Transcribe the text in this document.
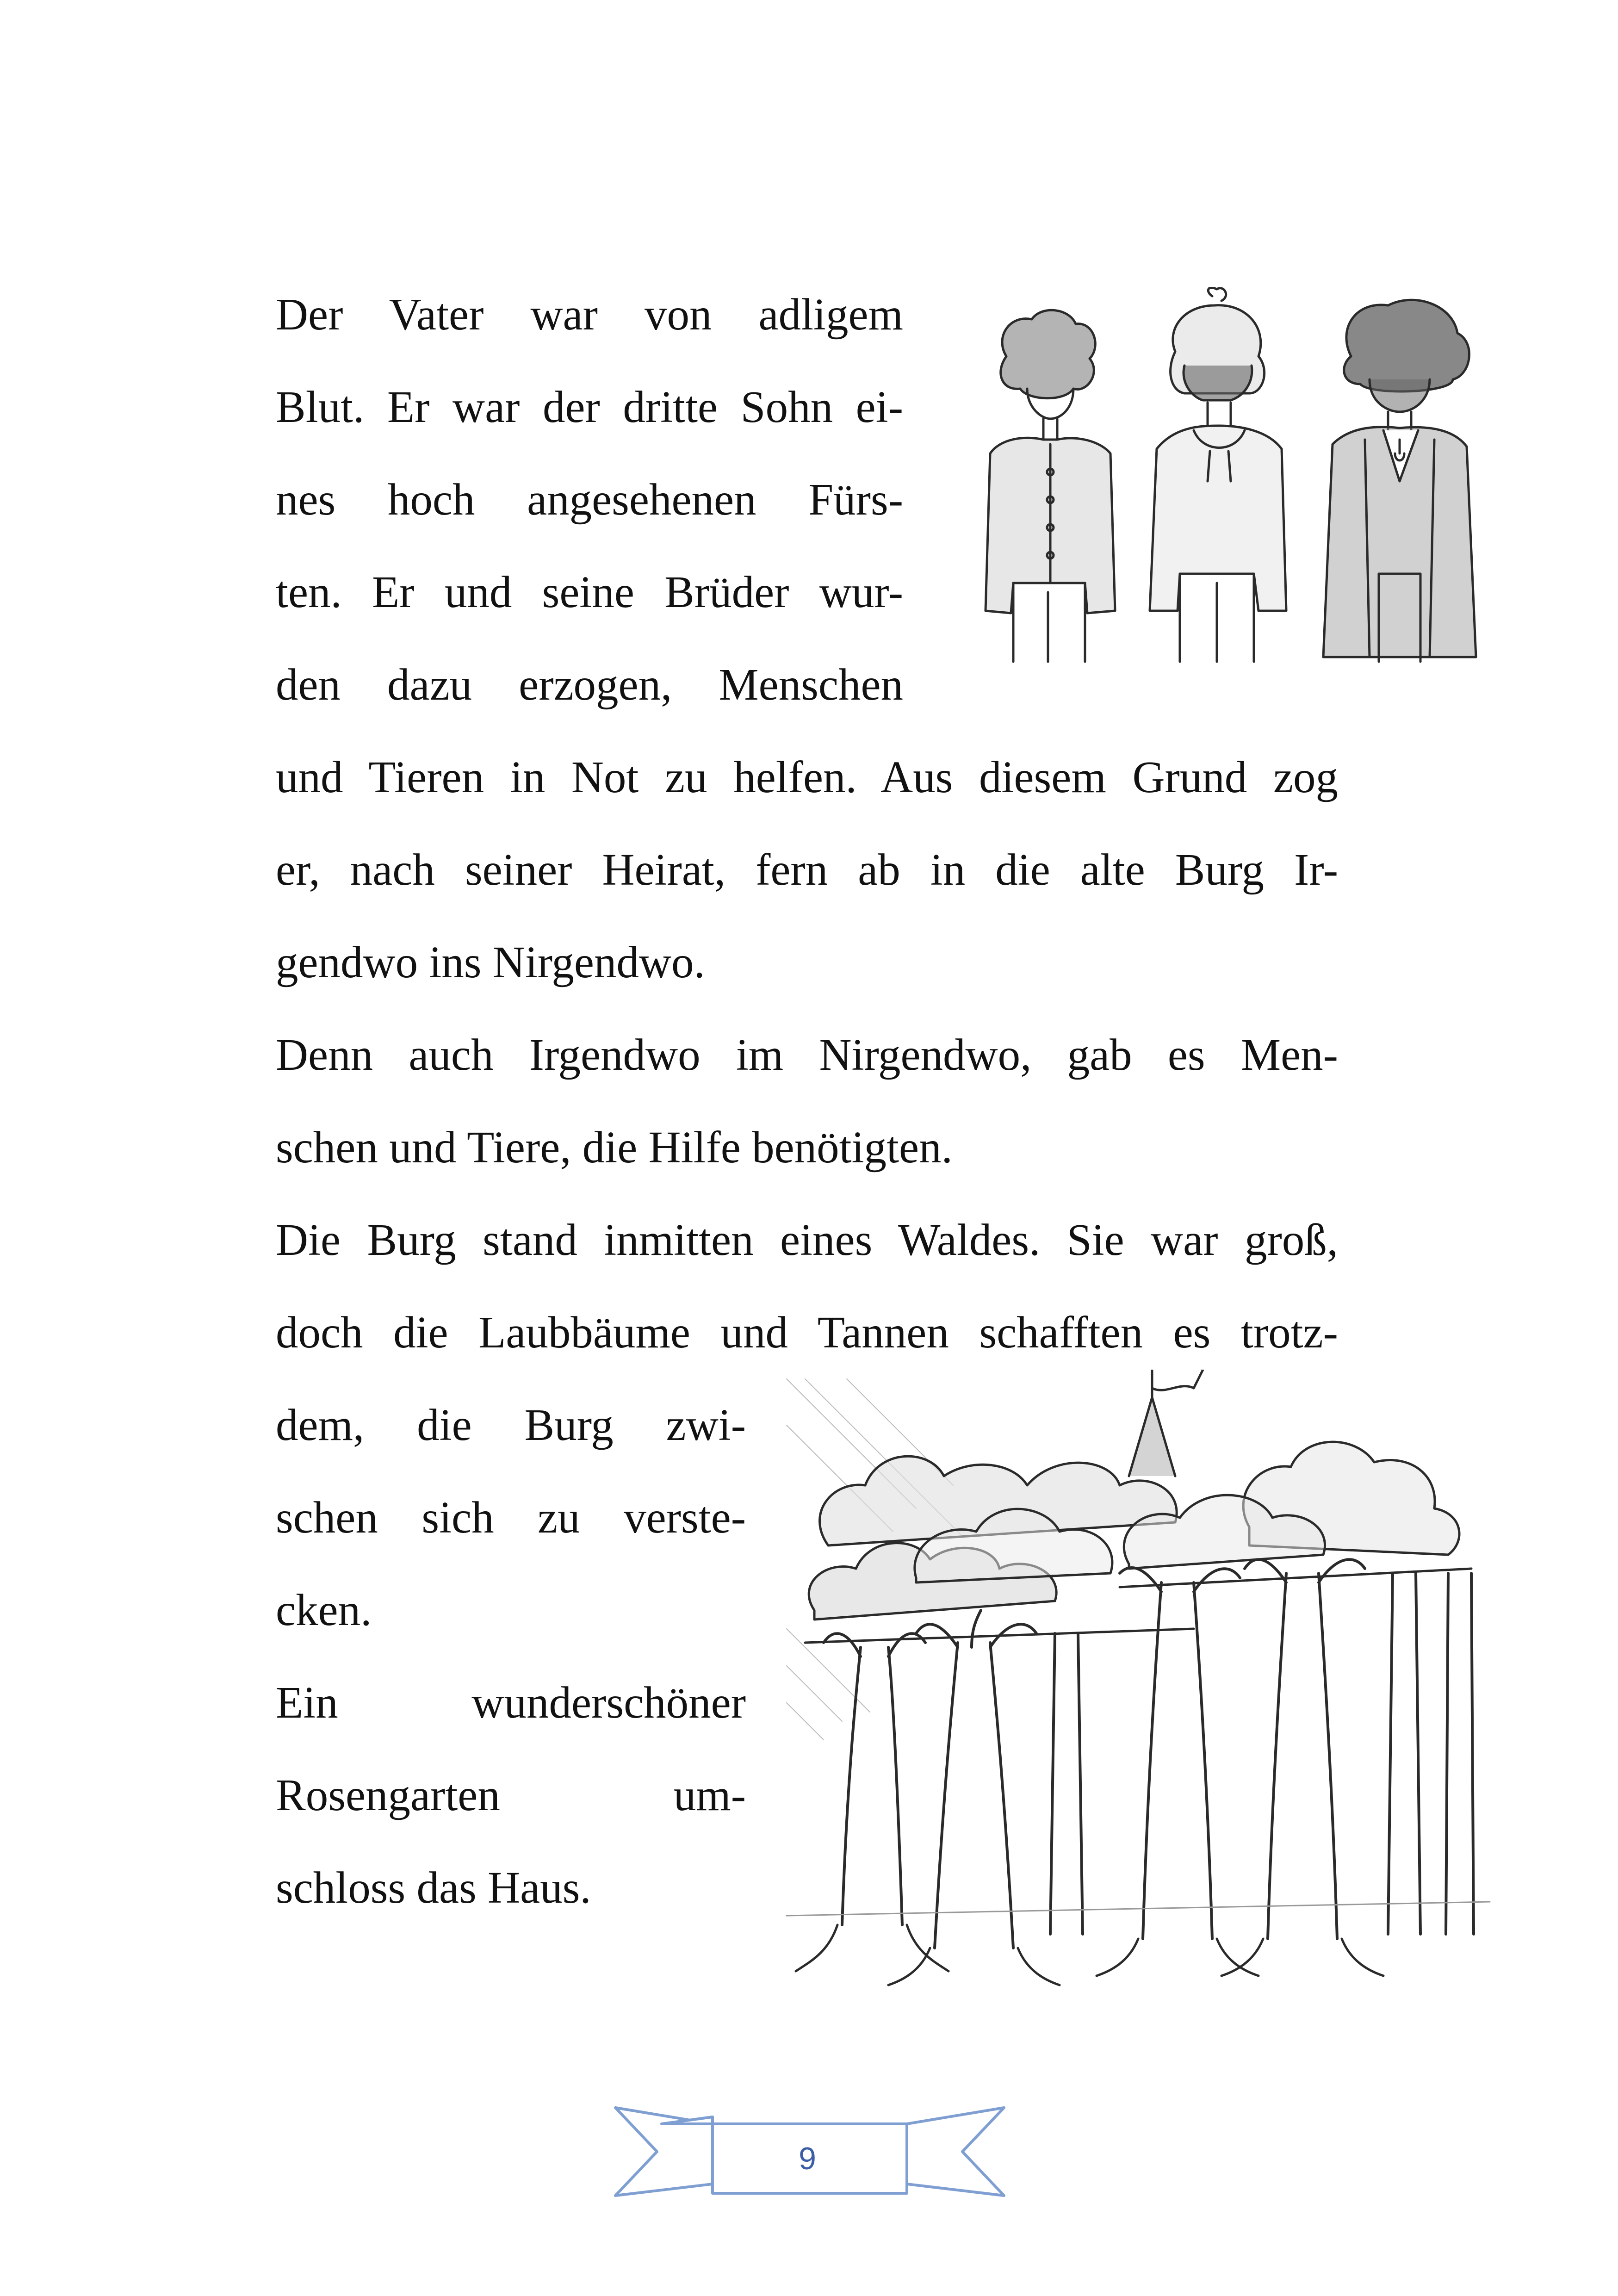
Der Vater war von adligem
Blut. Er war der dritte Sohn ei-
nes hoch angesehenen Fürs-
ten. Er und seine Brüder wur-
den dazu erzogen, Menschen
und Tieren in Not zu helfen. Aus diesem Grund zog
er, nach seiner Heirat, fern ab in die alte Burg Ir-
gendwo ins Nirgendwo.
Denn auch Irgendwo im Nirgendwo, gab es Men-
schen und Tiere, die Hilfe benötigten.
Die Burg stand inmitten eines Waldes. Sie war groß,
doch die Laubbäume und Tannen schafften es trotz-
dem, die Burg zwi-
schen sich zu verste-
cken.
Ein wunderschöner
Rosengarten um-
schloss das Haus.
9
